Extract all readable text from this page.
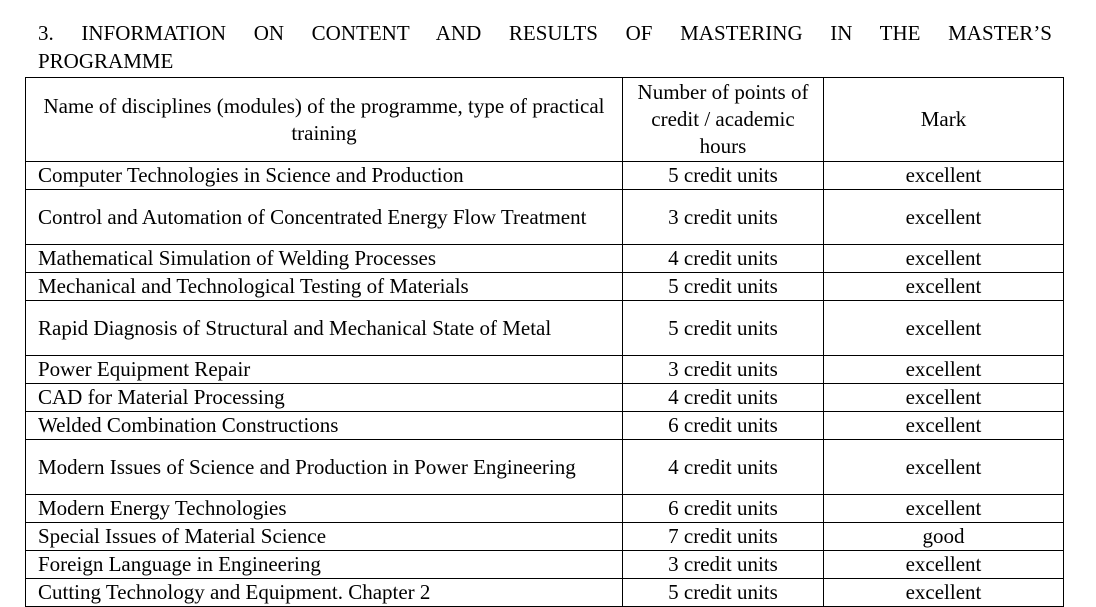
3. INFORMATION ON CONTENT AND RESULTS OF MASTERING IN THE MASTER’S
PROGRAMME
Name of disciplines (modules) of the programme, type of practical training	Number of points of credit / academic hours	Mark
Computer Technologies in Science and Production	5 credit units	excellent
Control and Automation of Concentrated Energy Flow Treatment	3 credit units	excellent
Mathematical Simulation of Welding Processes	4 credit units	excellent
Mechanical and Technological Testing of Materials	5 credit units	excellent
Rapid Diagnosis of Structural and Mechanical State of Metal	5 credit units	excellent
Power Equipment Repair	3 credit units	excellent
CAD for Material Processing	4 credit units	excellent
Welded Combination Constructions	6 credit units	excellent
Modern Issues of Science and Production in Power Engineering	4 credit units	excellent
Modern Energy Technologies	6 credit units	excellent
Special Issues of Material Science	7 credit units	good
Foreign Language in Engineering	3 credit units	excellent
Cutting Technology and Equipment. Chapter 2	5 credit units	excellent
